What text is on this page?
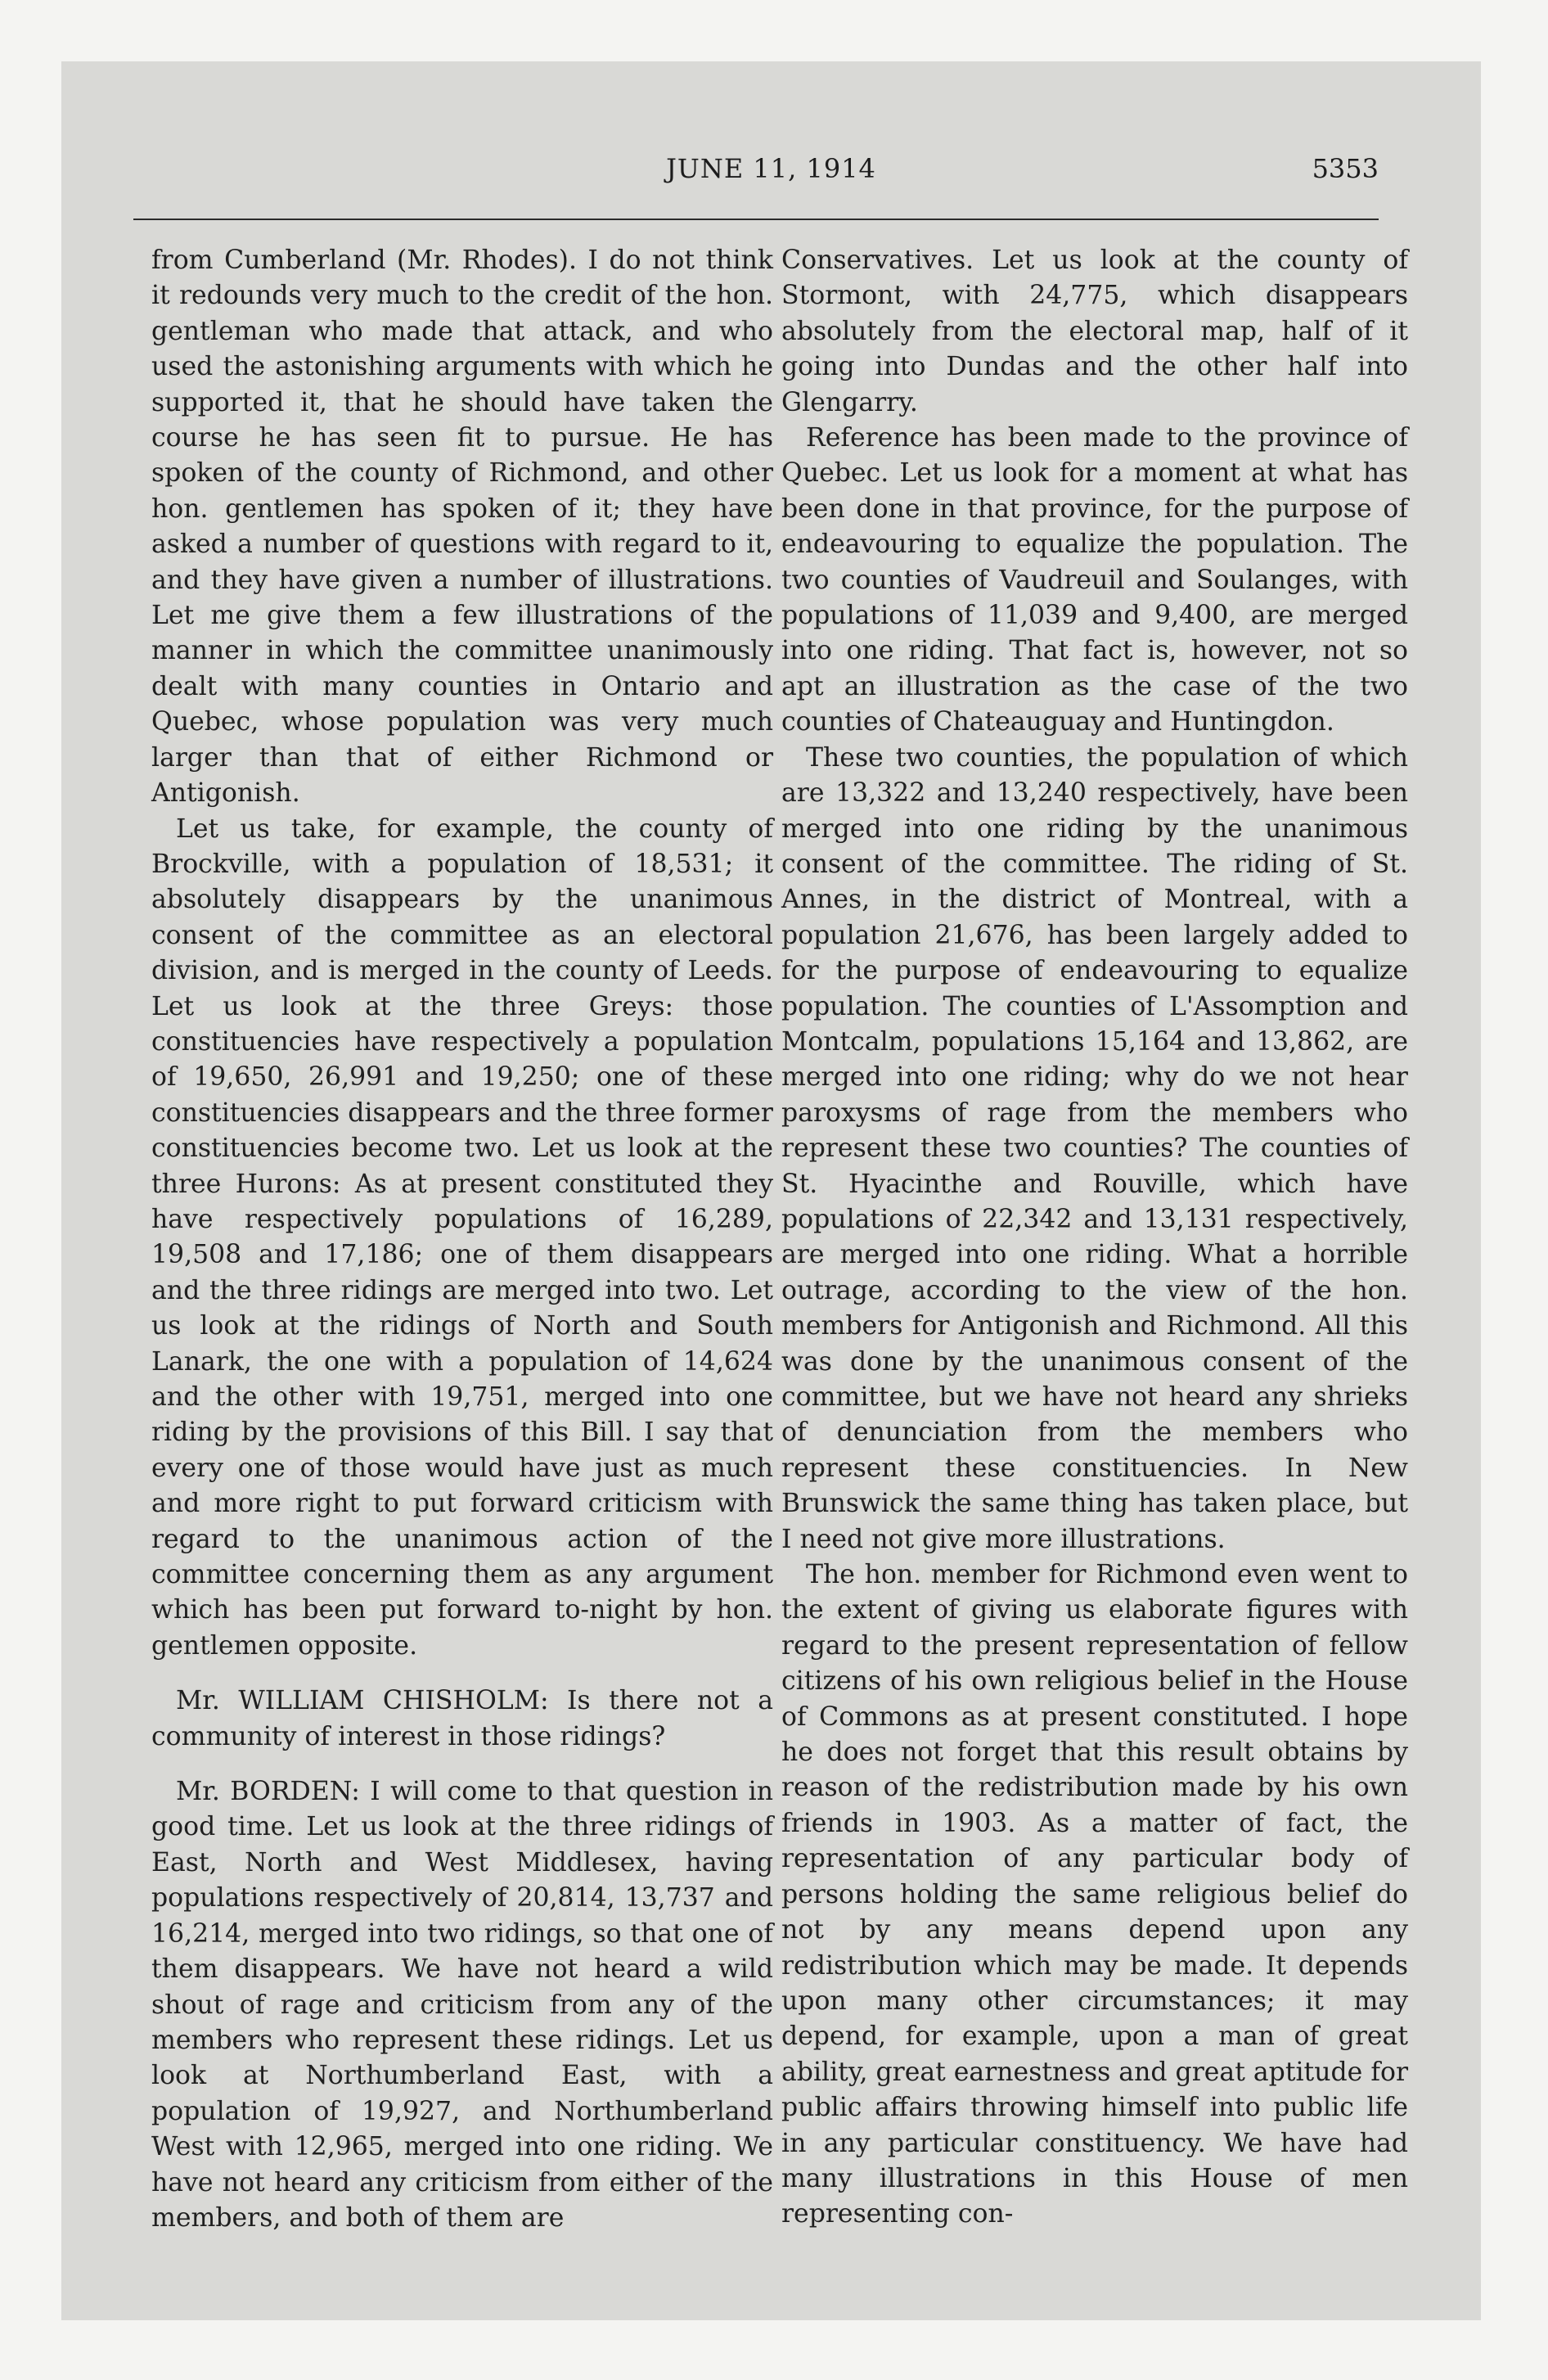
JUNE 11, 1914	5353

from Cumberland (Mr. Rhodes). I do not think it redounds very much to the credit of the hon. gentleman who made that attack, and who used the astonishing arguments with which he supported it, that he should have taken the course he has seen fit to pursue. He has spoken of the county of Richmond, and other hon. gentlemen has spoken of it; they have asked a number of questions with regard to it, and they have given a number of illustrations. Let me give them a few illustrations of the manner in which the committee unanimously dealt with many counties in Ontario and Quebec, whose population was very much larger than that of either Richmond or Antigonish.

Let us take, for example, the county of Brockville, with a population of 18,531; it absolutely disappears by the unanimous consent of the committee as an electoral division, and is merged in the county of Leeds. Let us look at the three Greys: those constituencies have respectively a population of 19,650, 26,991 and 19,250; one of these constituencies disappears and the three former constituencies become two. Let us look at the three Hurons: As at present constituted they have respectively populations of 16,289, 19,508 and 17,186; one of them disappears and the three ridings are merged into two. Let us look at the ridings of North and South Lanark, the one with a population of 14,624 and the other with 19,751, merged into one riding by the provisions of this Bill. I say that every one of those would have just as much and more right to put forward criticism with regard to the unanimous action of the committee concerning them as any argument which has been put forward to-night by hon. gentlemen opposite.

Mr. WILLIAM CHISHOLM: Is there not a community of interest in those ridings?

Mr. BORDEN: I will come to that question in good time. Let us look at the three ridings of East, North and West Middlesex, having populations respectively of 20,814, 13,737 and 16,214, merged into two ridings, so that one of them disappears. We have not heard a wild shout of rage and criticism from any of the members who represent these ridings. Let us look at Northumberland East, with a population of 19,927, and Northumberland West with 12,965, merged into one riding. We have not heard any criticism from either of the members, and both of them are

Conservatives. Let us look at the county of Stormont, with 24,775, which disappears absolutely from the electoral map, half of it going into Dundas and the other half into Glengarry.

Reference has been made to the province of Quebec. Let us look for a moment at what has been done in that province, for the purpose of endeavouring to equalize the population. The two counties of Vaudreuil and Soulanges, with populations of 11,039 and 9,400, are merged into one riding. That fact is, however, not so apt an illustration as the case of the two counties of Chateauguay and Huntingdon.

These two counties, the population of which are 13,322 and 13,240 respectively, have been merged into one riding by the unanimous consent of the committee. The riding of St. Annes, in the district of Montreal, with a population 21,676, has been largely added to for the purpose of endeavouring to equalize population. The counties of L'Assomption and Montcalm, populations 15,164 and 13,862, are merged into one riding; why do we not hear paroxysms of rage from the members who represent these two counties? The counties of St. Hyacinthe and Rouville, which have populations of 22,342 and 13,131 respectively, are merged into one riding. What a horrible outrage, according to the view of the hon. members for Antigonish and Richmond. All this was done by the unanimous consent of the committee, but we have not heard any shrieks of denunciation from the members who represent these constituencies. In New Brunswick the same thing has taken place, but I need not give more illustrations.

The hon. member for Richmond even went to the extent of giving us elaborate figures with regard to the present representation of fellow citizens of his own religious belief in the House of Commons as at present constituted. I hope he does not forget that this result obtains by reason of the redistribution made by his own friends in 1903. As a matter of fact, the representation of any particular body of persons holding the same religious belief do not by any means depend upon any redistribution which may be made. It depends upon many other circumstances; it may depend, for example, upon a man of great ability, great earnestness and great aptitude for public affairs throwing himself into public life in any particular constituency. We have had many illustrations in this House of men representing con-
